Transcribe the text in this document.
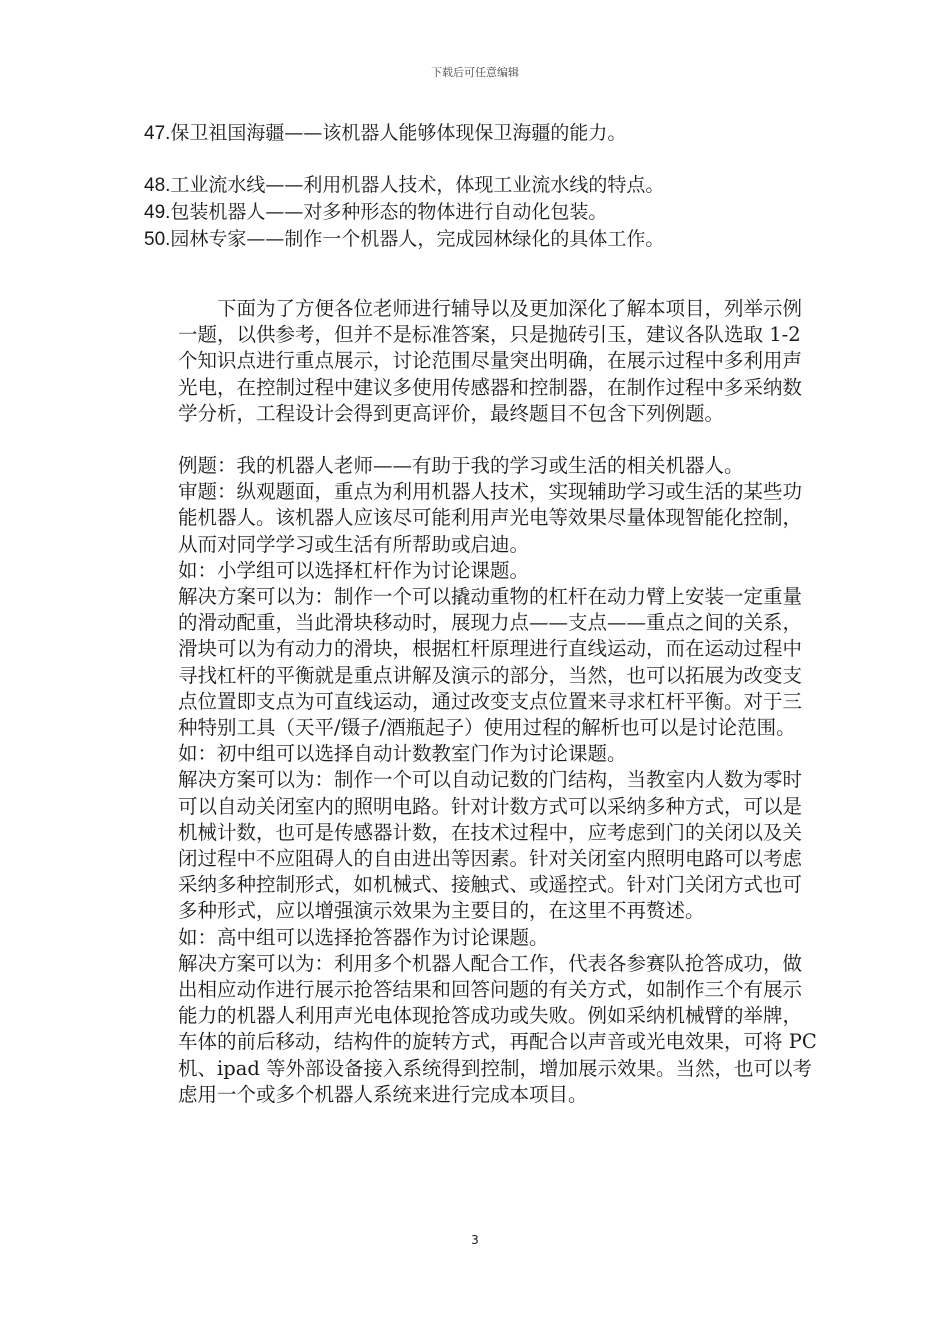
下载后可任意编辑
47.保卫祖国海疆——该机器人能够体现保卫海疆的能力。
48.工业流水线——利用机器人技术，体现工业流水线的特点。
49.包装机器人——对多种形态的物体进行自动化包装。
50.园林专家——制作一个机器人，完成园林绿化的具体工作。

下面为了方便各位老师进行辅导以及更加深化了解本项目，列举示例一题，以供参考，但并不是标准答案，只是抛砖引玉，建议各队选取 1-2 个知识点进行重点展示，讨论范围尽量突出明确，在展示过程中多利用声光电，在控制过程中建议多使用传感器和控制器，在制作过程中多采纳数学分析，工程设计会得到更高评价，最终题目不包含下列例题。

例题：我的机器人老师——有助于我的学习或生活的相关机器人。

审题：纵观题面，重点为利用机器人技术，实现辅助学习或生活的某些功能机器人。该机器人应该尽可能利用声光电等效果尽量体现智能化控制，从而对同学学习或生活有所帮助或启迪。

如：小学组可以选择杠杆作为讨论课题。

解决方案可以为：制作一个可以撬动重物的杠杆在动力臂上安装一定重量的滑动配重，当此滑块移动时，展现力点——支点——重点之间的关系，滑块可以为有动力的滑块，根据杠杆原理进行直线运动，而在运动过程中寻找杠杆的平衡就是重点讲解及演示的部分，当然，也可以拓展为改变支点位置即支点为可直线运动，通过改变支点位置来寻求杠杆平衡。对于三种特别工具（天平/镊子/酒瓶起子）使用过程的解析也可以是讨论范围。

如：初中组可以选择自动计数教室门作为讨论课题。

解决方案可以为：制作一个可以自动记数的门结构，当教室内人数为零时可以自动关闭室内的照明电路。针对计数方式可以采纳多种方式，可以是机械计数，也可是传感器计数，在技术过程中，应考虑到门的关闭以及关闭过程中不应阻碍人的自由进出等因素。针对关闭室内照明电路可以考虑采纳多种控制形式，如机械式、接触式、或遥控式。针对门关闭方式也可多种形式，应以增强演示效果为主要目的，在这里不再赘述。

如：高中组可以选择抢答器作为讨论课题。

解决方案可以为：利用多个机器人配合工作，代表各参赛队抢答成功，做出相应动作进行展示抢答结果和回答问题的有关方式，如制作三个有展示能力的机器人利用声光电体现抢答成功或失败。例如采纳机械臂的举牌，车体的前后移动，结构件的旋转方式，再配合以声音或光电效果，可将 PC 机、ipad 等外部设备接入系统得到控制，增加展示效果。当然，也可以考虑用一个或多个机器人系统来进行完成本项目。

3
